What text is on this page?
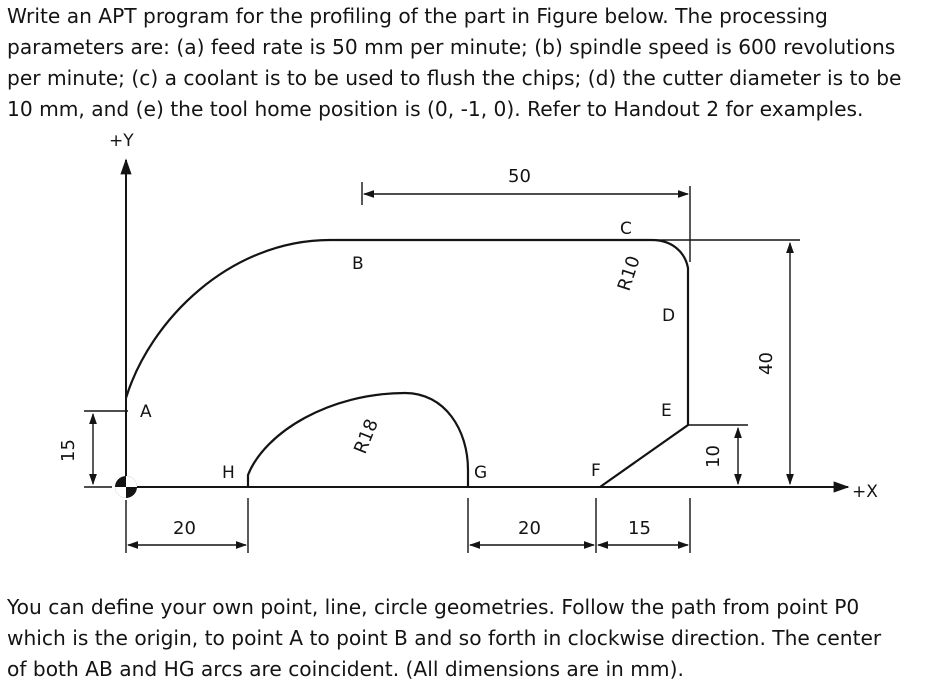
Write an APT program for the profiling of the part in Figure below. The processing
parameters are: (a) feed rate is 50 mm per minute; (b) spindle speed is 600 revolutions
per minute; (c) a coolant is to be used to flush the chips; (d) the cutter diameter is to be
10 mm, and (e) the tool home position is (0, -1, 0). Refer to Handout 2 for examples.
+Y
+X
A
B
C
D
E
F
G
H
R10
R18
50
40
10
15
20	20	15
You can define your own point, line, circle geometries. Follow the path from point P0
which is the origin, to point A to point B and so forth in clockwise direction. The center
of both AB and HG arcs are coincident. (All dimensions are in mm).
